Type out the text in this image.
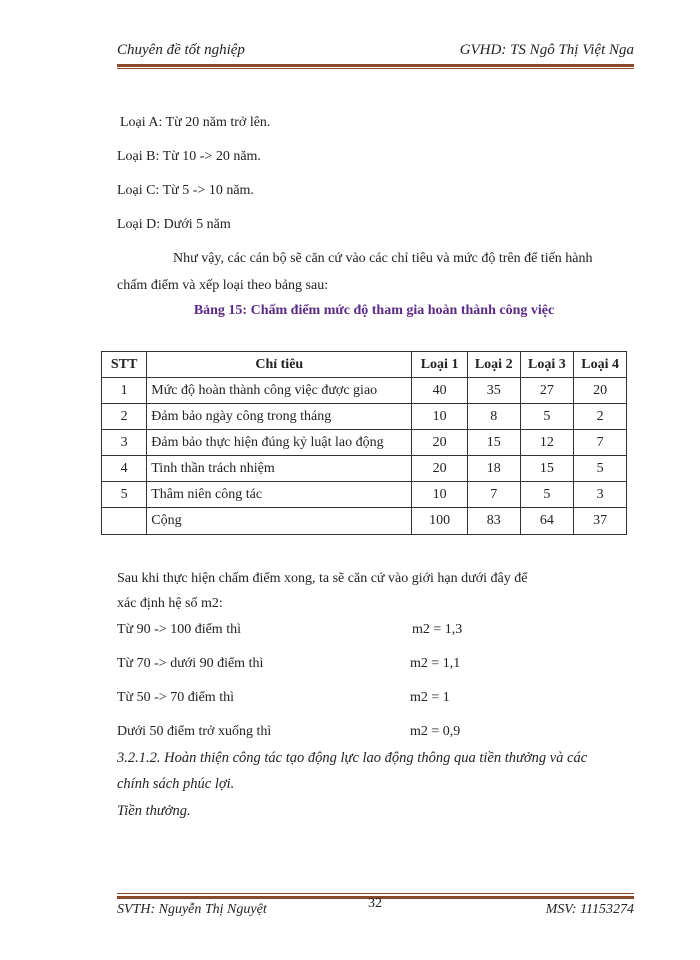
Chuyên đề tốt nghiệp	GVHD: TS Ngô Thị Việt Nga
Loại A: Từ 20 năm trở lên.
Loại B: Từ 10 -> 20 năm.
Loại C: Từ 5 -> 10 năm.
Loại D: Dưới 5 năm
Như vậy, các cán bộ sẽ căn cứ vào các chỉ tiêu và mức độ trên để tiến hành
chấm điểm và xếp loại theo bảng sau:
Bảng 15: Chấm điểm mức độ tham gia hoàn thành công việc
STT	Chỉ tiêu	Loại 1	Loại 2	Loại 3	Loại 4
1	Mức độ hoàn thành công việc được giao	40	35	27	20
2	Đảm bảo ngày công trong tháng	10	8	5	2
3	Đảm bảo thực hiện đúng kỷ luật lao động	20	15	12	7
4	Tinh thần trách nhiệm	20	18	15	5
5	Thâm niên công tác	10	7	5	3
	Cộng	100	83	64	37
Sau khi thực hiện chấm điểm xong, ta sẽ căn cứ vào giới hạn dưới đây để
xác định hệ số m2:
Từ 90 -> 100 điểm thì	m2 = 1,3
Từ 70 -> dưới 90 điểm thì	m2 = 1,1
Từ 50 -> 70 điểm thì	m2 = 1
Dưới 50 điểm trở xuống thì	m2 = 0,9
3.2.1.2. Hoàn thiện công tác tạo động lực lao động thông qua tiền thưởng và các
chính sách phúc lợi.
Tiền thưởng.
32
SVTH: Nguyễn Thị Nguyệt	MSV: 11153274
